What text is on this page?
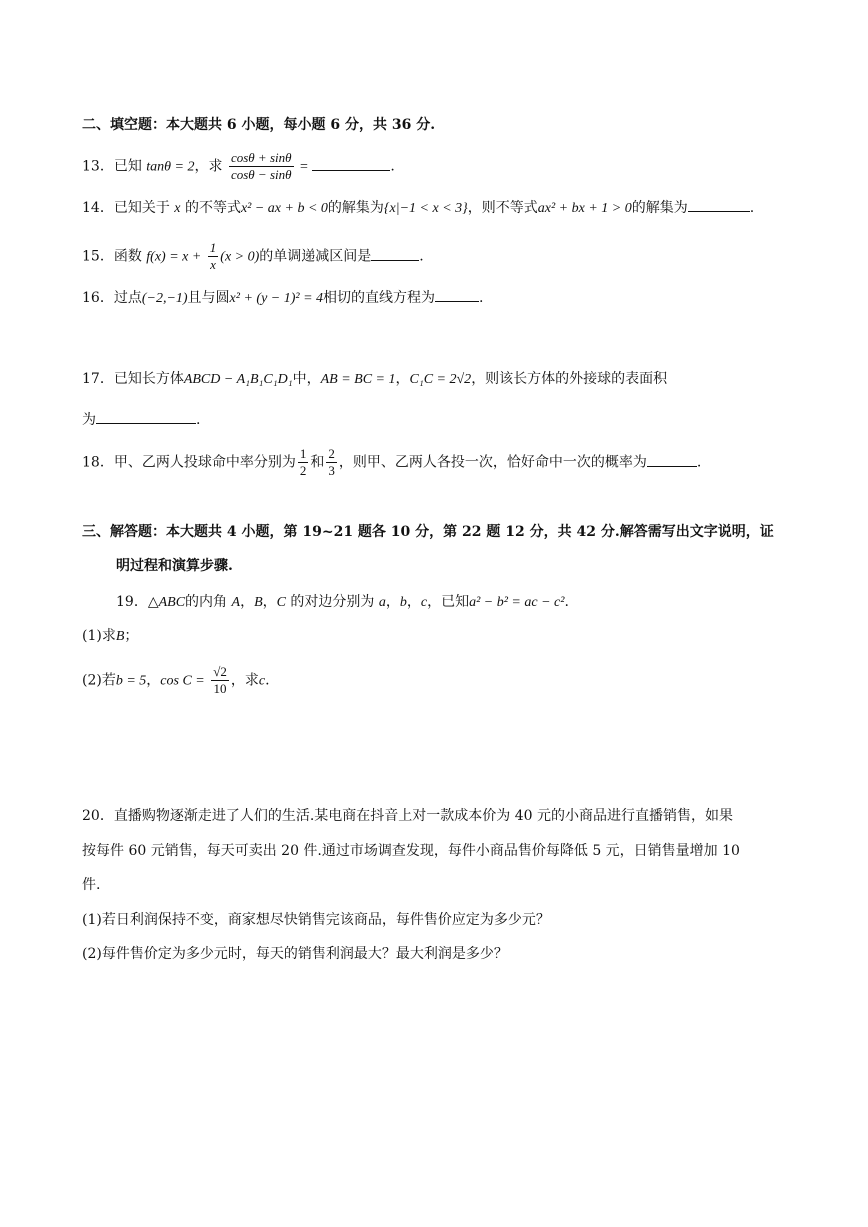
二、填空题：本大题共 6 小题，每小题 6 分，共 36 分.
13．已知 tanθ = 2，求 $\frac{\cos\theta + \sin\theta}{\cos\theta - \sin\theta}$ =	.
14．已知关于 x 的不等式x² − ax + b < 0的解集为{x|−1 < x < 3}，则不等式ax² + bx + 1 > 0的解集为	.
15．函数 $f(x) = x + \frac{1}{x} (x > 0)$的单调递减区间是	.
16．过点(−2,−1)且与圆x² + (y − 1)² = 4相切的直线方程为	.
17．已知长方体ABCD − A₁B₁C₁D₁中，AB = BC = 1，C₁C = 2√2，则该长方体的外接球的表面积
为	.
18．甲、乙两人投球命中率分别为 $\frac{1}{2}$ 和 $\frac{2}{3}$ ，则甲、乙两人各投一次，恰好命中一次的概率为	.
三、解答题：本大题共 4 小题，第 19~21 题各 10 分，第 22 题 12 分，共 42 分.解答需写出文字说明，证
明过程和演算步骤.
19．△ABC的内角 A，B，C 的对边分别为 a，b，c，已知a² − b² = ac − c².
(1)求B；
(2)若b = 5，$\cos C = \frac{√2}{10}$ ，求c.
20．直播购物逐渐走进了人们的生活.某电商在抖音上对一款成本价为 40 元的小商品进行直播销售，如果
按每件 60 元销售，每天可卖出 20 件.通过市场调查发现，每件小商品售价每降低 5 元，日销售量增加 10
件.
(1)若日利润保持不变，商家想尽快销售完该商品，每件售价应定为多少元？
(2)每件售价定为多少元时，每天的销售利润最大？最大利润是多少？
